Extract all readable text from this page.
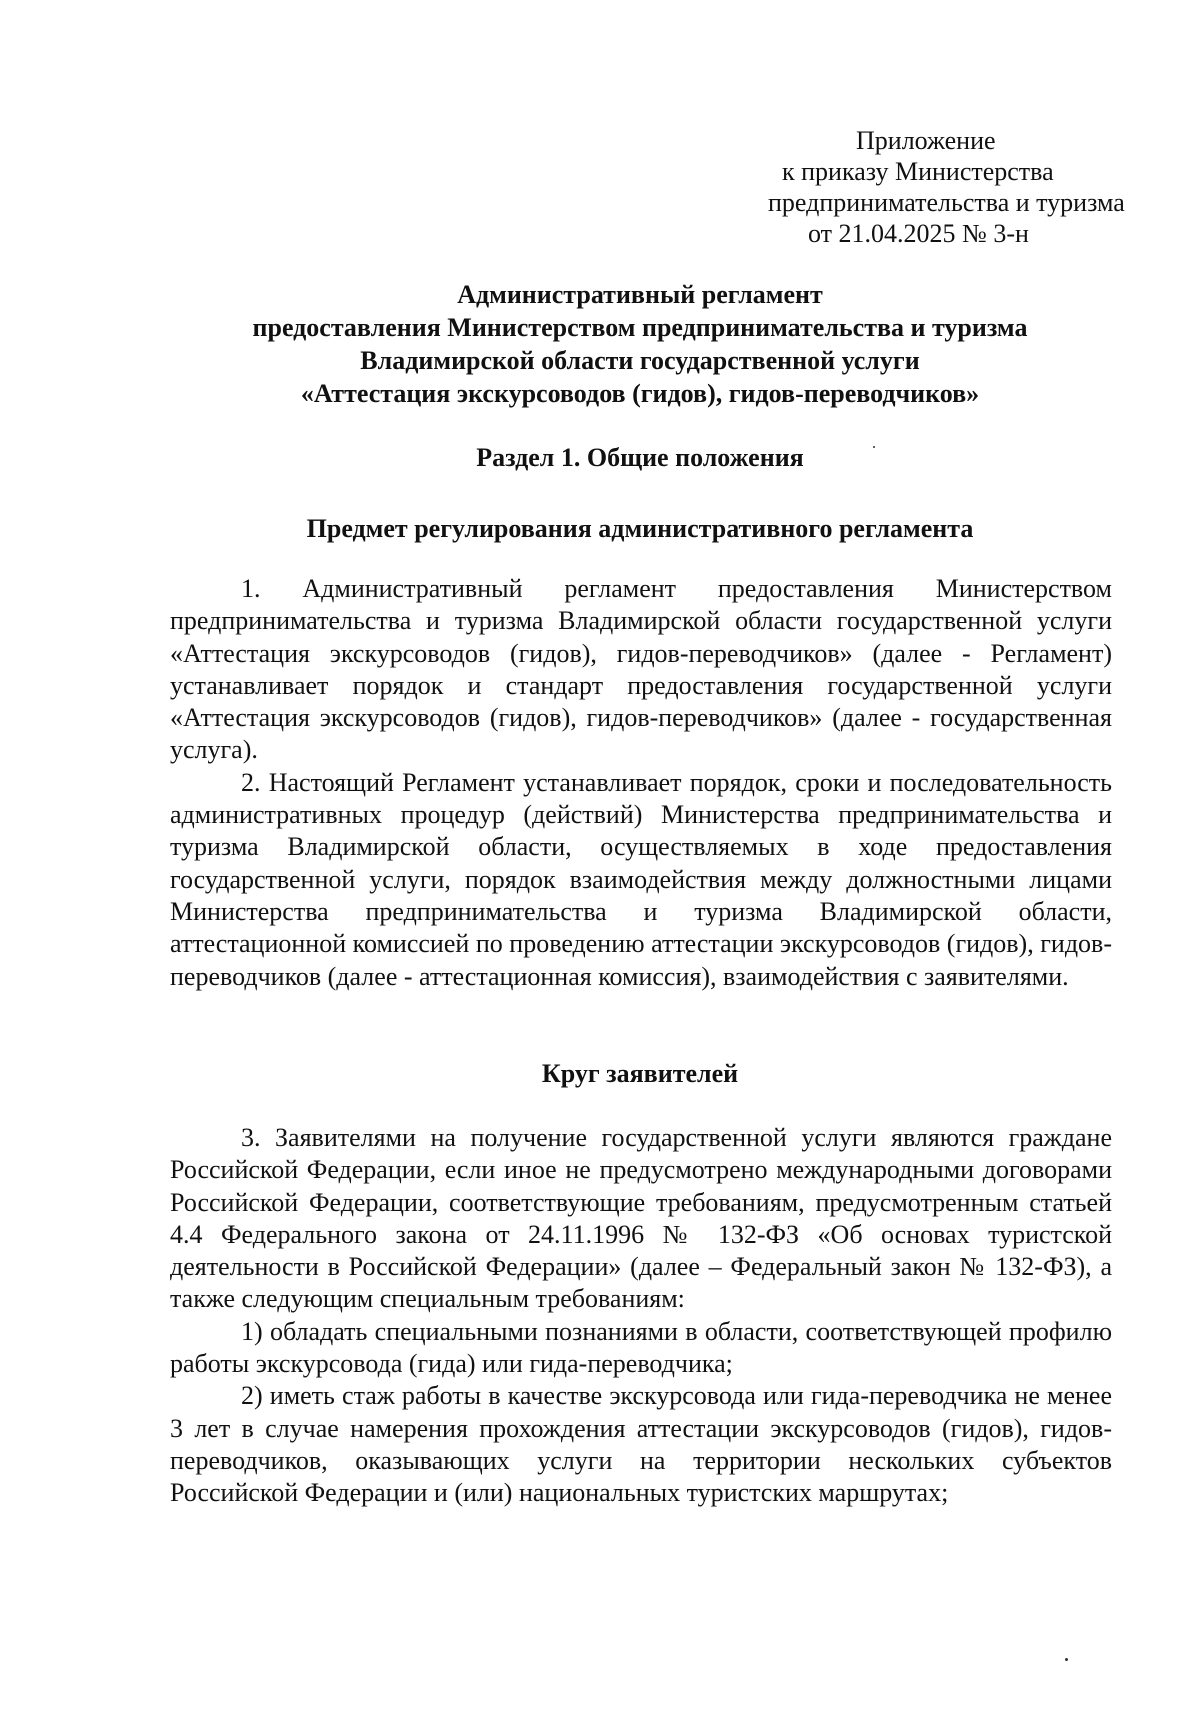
Приложение
к приказу Министерства
предпринимательства и туризма
от 21.04.2025 № 3-н
Административный регламент
предоставления Министерством предпринимательства и туризма
Владимирской области государственной услуги
«Аттестация экскурсоводов (гидов), гидов-переводчиков»
Раздел 1. Общие положения
Предмет регулирования административного регламента

1. Административный регламент предоставления Министерством предпринимательства и туризма Владимирской области государственной услуги «Аттестация экскурсоводов (гидов), гидов-переводчиков» (далее - Регламент) устанавливает порядок и стандарт предоставления государственной услуги «Аттестация экскурсоводов (гидов), гидов-переводчиков» (далее - государственная услуга).

2. Настоящий Регламент устанавливает порядок, сроки и последовательность административных процедур (действий) Министерства предпринимательства и туризма Владимирской области, осуществляемых в ходе предоставления государственной услуги, порядок взаимодействия между должностными лицами Министерства предпринимательства и туризма Владимирской области, аттестационной комиссией по проведению аттестации экскурсоводов (гидов), гидов-переводчиков (далее - аттестационная комиссия), взаимодействия с заявителями.

Круг заявителей

3. Заявителями на получение государственной услуги являются граждане Российской Федерации, если иное не предусмотрено международными договорами Российской Федерации, соответствующие требованиям, предусмотренным статьей 4.4 Федерального закона от 24.11.1996 № 132-ФЗ «Об основах туристской деятельности в Российской Федерации» (далее – Федеральный закон № 132-ФЗ), а также следующим специальным требованиям:

1) обладать специальными познаниями в области, соответствующей профилю работы экскурсовода (гида) или гида-переводчика;

2) иметь стаж работы в качестве экскурсовода или гида-переводчика не менее 3 лет в случае намерения прохождения аттестации экскурсоводов (гидов), гидов-переводчиков, оказывающих услуги на территории нескольких субъектов Российской Федерации и (или) национальных туристских маршрутах;
